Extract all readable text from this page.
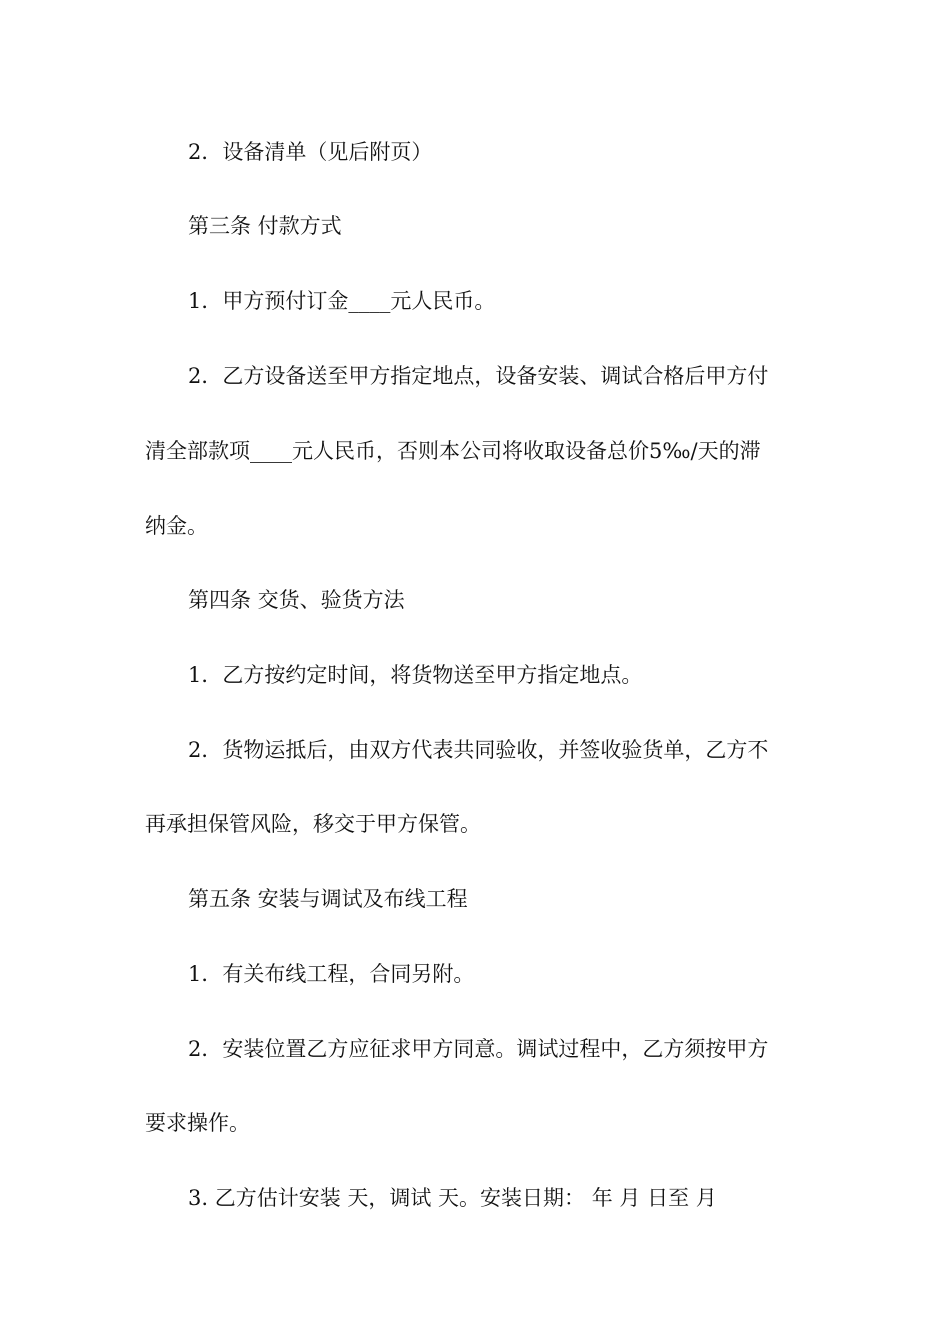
2．设备清单（见后附页）
第三条 付款方式
1．甲方预付订金____元人民币。
2．乙方设备送至甲方指定地点，设备安装、调试合格后甲方付
清全部款项____元人民币，否则本公司将收取设备总价5‰/天的滞
纳金。
第四条 交货、验货方法
1．乙方按约定时间，将货物送至甲方指定地点。
2．货物运抵后，由双方代表共同验收，并签收验货单，乙方不
再承担保管风险，移交于甲方保管。
第五条 安装与调试及布线工程
1．有关布线工程，合同另附。
2．安装位置乙方应征求甲方同意。调试过程中，乙方须按甲方
要求操作。
3. 乙方估计安装 天，调试 天。安装日期： 年 月 日至 月
